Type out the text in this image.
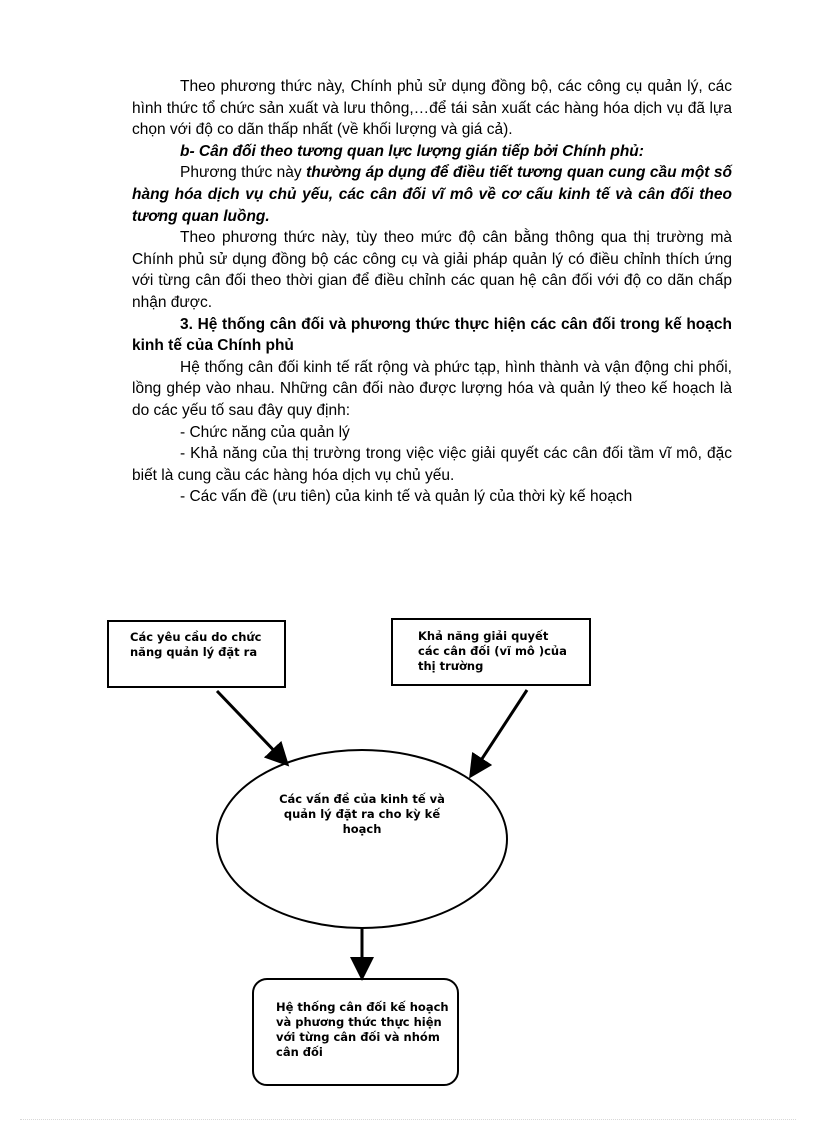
Theo phương thức này, Chính phủ sử dụng đồng bộ, các công cụ quản lý, các hình thức tổ chức sản xuất và lưu thông,…để tái sản xuất các hàng hóa dịch vụ đã lựa chọn với độ co dãn thấp nhất (về khối lượng và giá cả).

b- Cân đối theo tương quan lực lượng gián tiếp bởi Chính phủ:

Phương thức này thường áp dụng để điều tiết tương quan cung cầu một số hàng hóa dịch vụ chủ yếu, các cân đối vĩ mô về cơ cấu kinh tế và cân đối theo tương quan luồng.

Theo phương thức này, tùy theo mức độ cân bằng thông qua thị trường mà Chính phủ sử dụng đồng bộ các công cụ và giải pháp quản lý có điều chỉnh thích ứng với từng cân đối theo thời gian để điều chỉnh các quan hệ cân đối với độ co dãn chấp nhận được.

3. Hệ thống cân đối và phương thức thực hiện các cân đối trong kế hoạch kinh tế của Chính phủ

Hệ thống cân đối kinh tế rất rộng và phức tạp, hình thành và vận động chi phối, lồng ghép vào nhau. Những cân đối nào được lượng hóa và quản lý theo kế hoạch là do các yếu tố sau đây quy định:

- Chức năng của quản lý

- Khả năng của thị trường trong việc việc giải quyết các cân đối tầm vĩ mô, đặc biết là cung cầu các hàng hóa dịch vụ chủ yếu.

- Các vấn đề (ưu tiên) của kinh tế và quản lý của thời kỳ kế hoạch

Các yêu cầu do chức
năng quản lý đặt ra
Khả năng giải quyết
các cân đối (vĩ mô )của
thị trường
Các vấn đề của kinh tế và
quản lý đặt ra cho kỳ kế
hoạch
Hệ thống cân đối kế hoạch
và phương thức thực hiện
với từng cân đối và nhóm
cân đối
